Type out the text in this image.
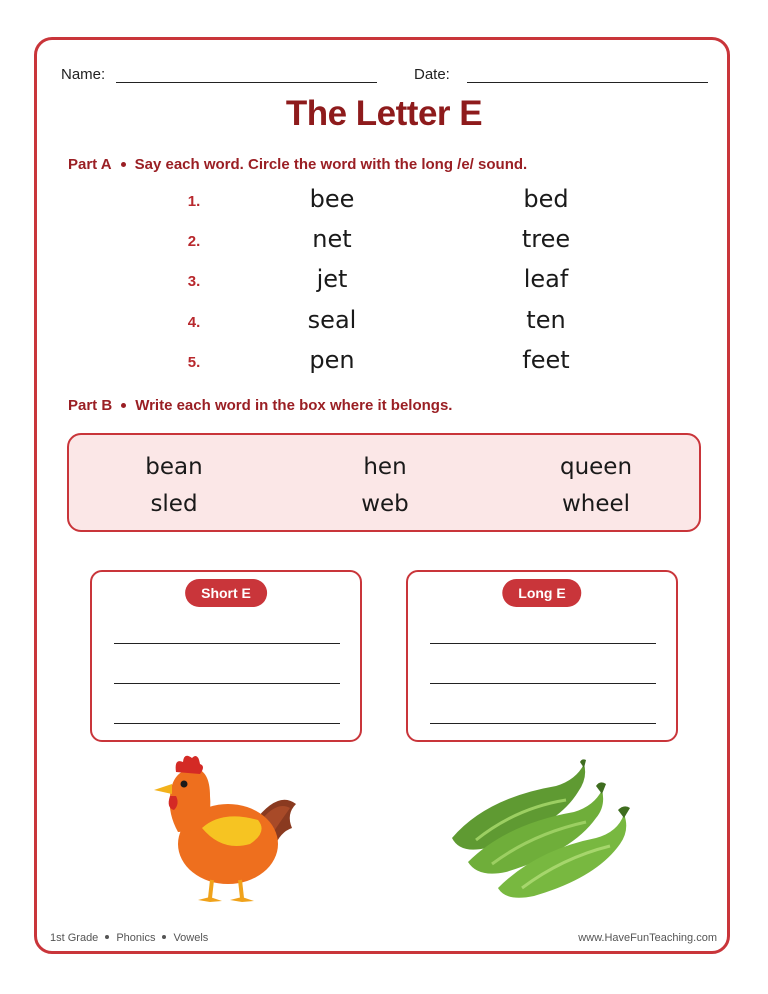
Name:	Date:
The Letter E
Part A Say each word. Circle the word with the long /e/ sound.
1.	bee	bed
2.	net	tree
3.	jet	leaf
4.	seal	ten
5.	pen	feet
Part B Write each word in the box where it belongs.
bean	hen	queen
sled	web	wheel
Short E	Long E
1st Grade Phonics Vowels	www.HaveFunTeaching.com
